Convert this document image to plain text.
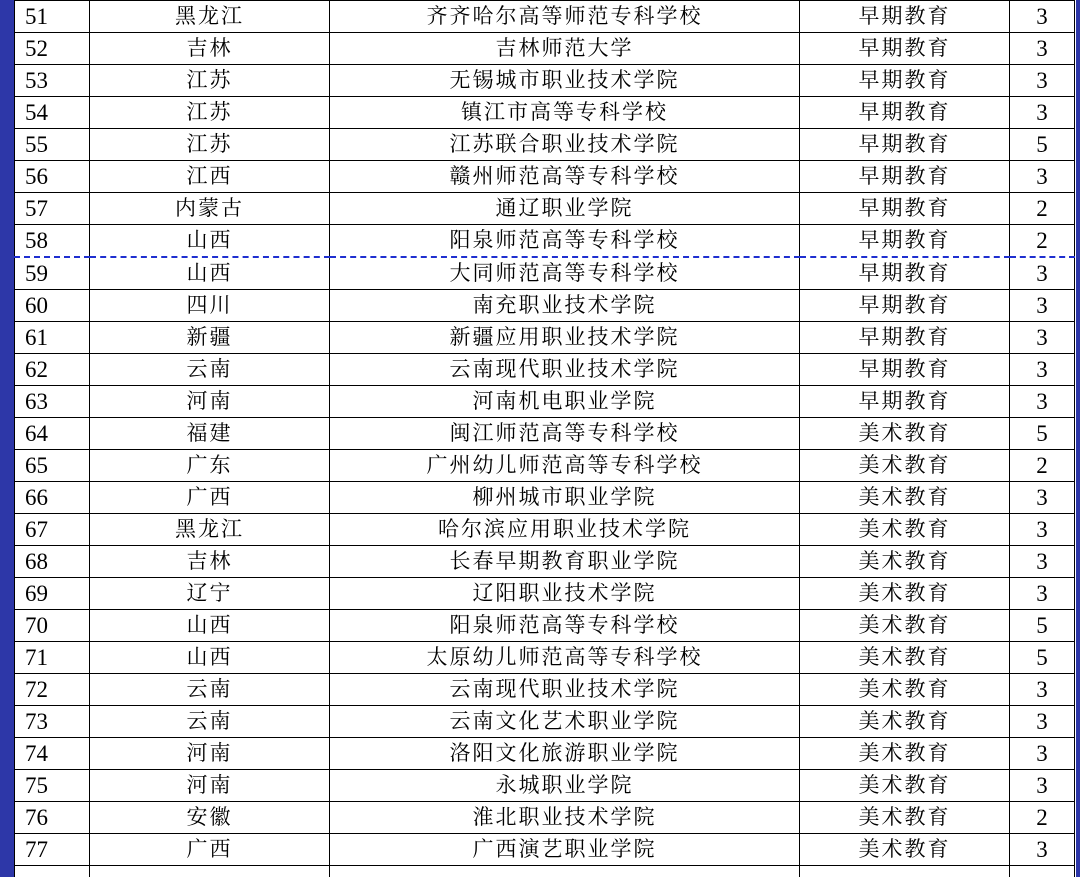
51	黑龙江	齐齐哈尔高等师范专科学校	早期教育	3
52	吉林	吉林师范大学	早期教育	3
53	江苏	无锡城市职业技术学院	早期教育	3
54	江苏	镇江市高等专科学校	早期教育	3
55	江苏	江苏联合职业技术学院	早期教育	5
56	江西	赣州师范高等专科学校	早期教育	3
57	内蒙古	通辽职业学院	早期教育	2
58	山西	阳泉师范高等专科学校	早期教育	2
59	山西	大同师范高等专科学校	早期教育	3
60	四川	南充职业技术学院	早期教育	3
61	新疆	新疆应用职业技术学院	早期教育	3
62	云南	云南现代职业技术学院	早期教育	3
63	河南	河南机电职业学院	早期教育	3
64	福建	闽江师范高等专科学校	美术教育	5
65	广东	广州幼儿师范高等专科学校	美术教育	2
66	广西	柳州城市职业学院	美术教育	3
67	黑龙江	哈尔滨应用职业技术学院	美术教育	3
68	吉林	长春早期教育职业学院	美术教育	3
69	辽宁	辽阳职业技术学院	美术教育	3
70	山西	阳泉师范高等专科学校	美术教育	5
71	山西	太原幼儿师范高等专科学校	美术教育	5
72	云南	云南现代职业技术学院	美术教育	3
73	云南	云南文化艺术职业学院	美术教育	3
74	河南	洛阳文化旅游职业学院	美术教育	3
75	河南	永城职业学院	美术教育	3
76	安徽	淮北职业技术学院	美术教育	2
77	广西	广西演艺职业学院	美术教育	3
